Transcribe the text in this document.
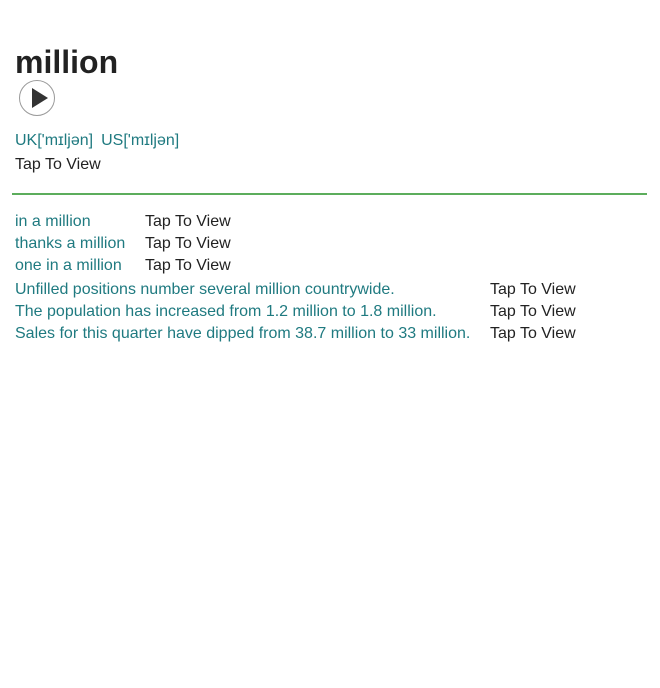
million
UK['mɪljən] US['mɪljən]
Tap To View
in a million	Tap To View
thanks a million Tap To View
one in a million Tap To View
Unfilled positions number several million countrywide.	Tap To View
The population has increased from 1.2 million to 1.8 million.	Tap To View
Sales for this quarter have dipped from 38.7 million to 33 million. Tap To View
